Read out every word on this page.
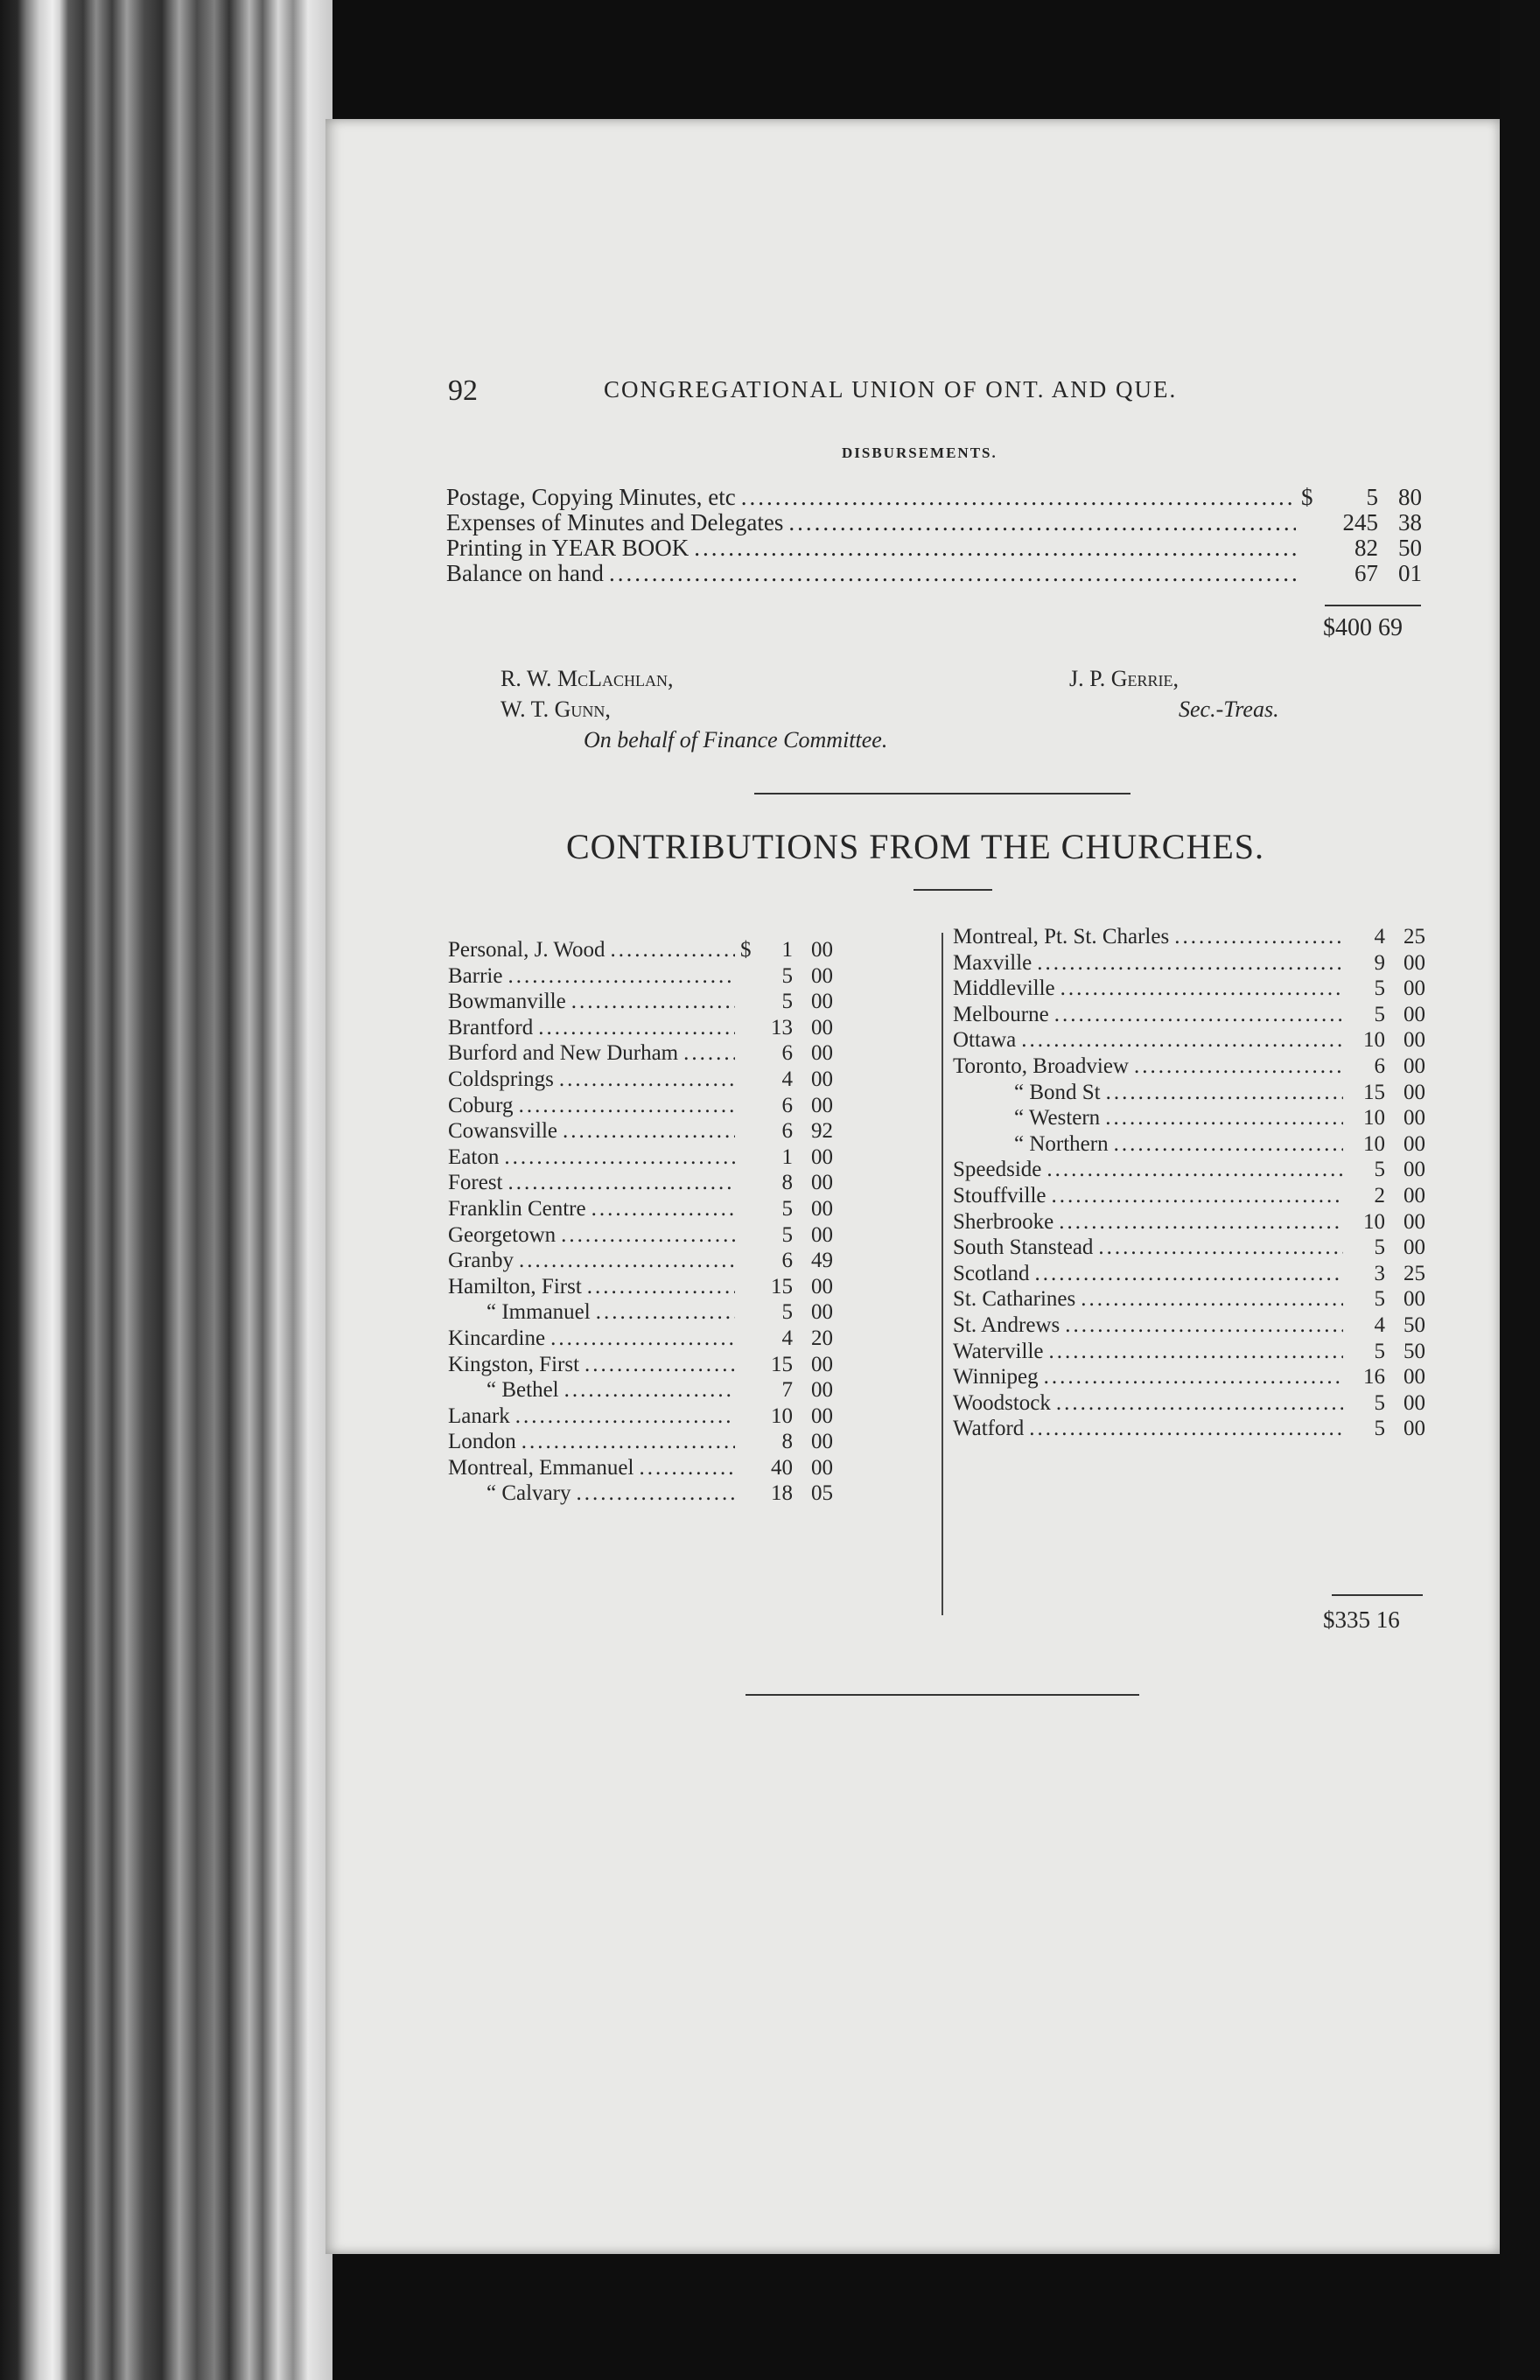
92	CONGREGATIONAL UNION OF ONT. AND QUE.
DISBURSEMENTS.
Postage, Copying Minutes, etc .....	$	5 80
Expenses of Minutes and Delegates .....	245 38
Printing in YEAR BOOK .....	82 50
Balance on hand .....	67 01
$400 69
R. W. McLachlan,
W. T. Gunn,
On behalf of Finance Committee.
J. P. Gerrie,
Sec.-Treas.
CONTRIBUTIONS FROM THE CHURCHES.
Personal, J. Wood .....	$ 1 00
Barrie .....	5 00
Bowmanville .....	5 00
Brantford .....	13 00
Burford and New Durham .....	6 00
Coldsprings .....	4 00
Coburg .....	6 00
Cowansville .....	6 92
Eaton .....	1 00
Forest .....	8 00
Franklin Centre .....	5 00
Georgetown .....	5 00
Granby .....	6 49
Hamilton, First .....	15 00
“ Immanuel .....	5 00
Kincardine .....	4 20
Kingston, First .....	15 00
“ Bethel .....	7 00
Lanark .....	10 00
London .....	8 00
Montreal, Emmanuel .....	40 00
“ Calvary .....	18 05
Montreal, Pt. St. Charles .....	4 25
Maxville .....	9 00
Middleville .....	5 00
Melbourne .....	5 00
Ottawa .....	10 00
Toronto, Broadview .....	6 00
“ Bond St .....	15 00
“ Western .....	10 00
“ Northern .....	10 00
Speedside .....	5 00
Stouffville .....	2 00
Sherbrooke .....	10 00
South Stanstead .....	5 00
Scotland .....	3 25
St. Catharines .....	5 00
St. Andrews .....	4 50
Waterville .....	5 50
Winnipeg .....	16 00
Woodstock .....	5 00
Watford .....	5 00
$335 16
